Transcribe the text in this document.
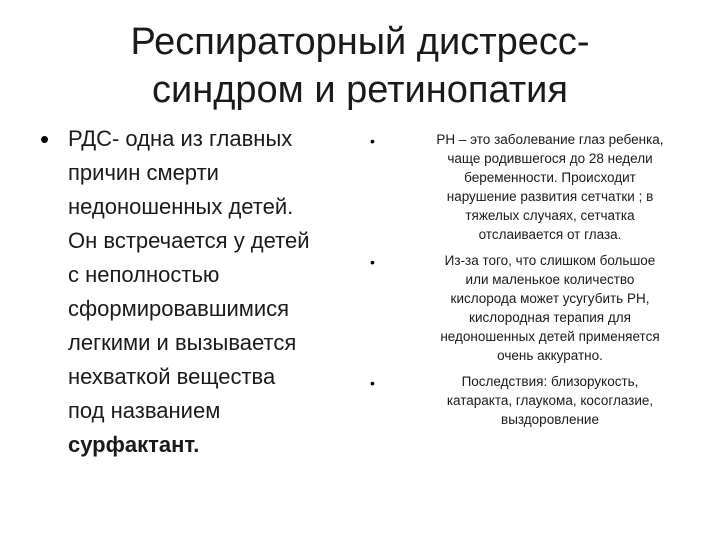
Респираторный дистресс-
синдром и ретинопатия
• РДС- одна из главных
причин смерти
недоношенных детей.
Он встречается у детей
с неполностью
сформировавшимися
легкими и вызывается
нехваткой вещества
под названием
сурфактант.
•	РН – это заболевание глаз ребенка,
чаще родившегося до 28 недели
беременности. Происходит
нарушение развития сетчатки ; в
тяжелых случаях, сетчатка
отслаивается от глаза.
•	Из-за того, что слишком большое
или маленькое количество
кислорода может усугубить РН,
кислородная терапия для
недоношенных детей применяется
очень аккуратно.
•	Последствия: близорукость,
катаракта, глаукома, косоглазие,
выздоровление
